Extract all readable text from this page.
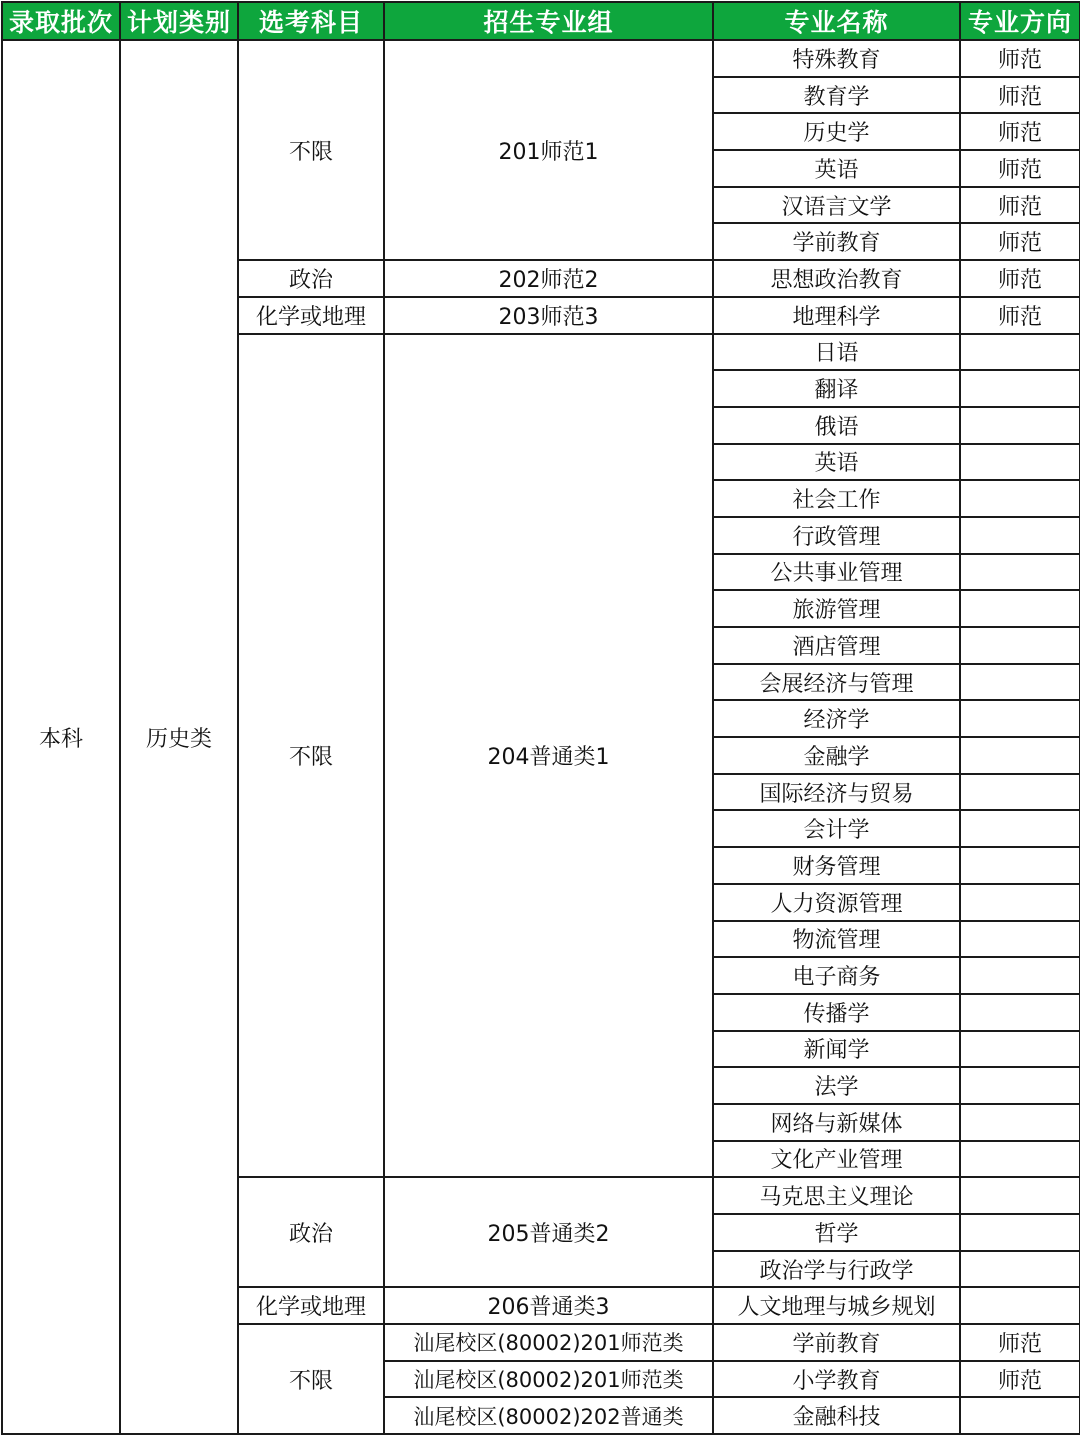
录取批次	计划类别	选考科目	招生专业组	专业名称	专业方向
本科	历史类	不限	201师范1	特殊教育	师范
				教育学	师范
				历史学	师范
				英语	师范
				汉语言文学	师范
				学前教育	师范
		政治	202师范2	思想政治教育	师范
		化学或地理	203师范3	地理科学	师范
		不限	204普通类1	日语	
				翻译	
				俄语	
				英语	
				社会工作	
				行政管理	
				公共事业管理	
				旅游管理	
				酒店管理	
				会展经济与管理	
				经济学	
				金融学	
				国际经济与贸易	
				会计学	
				财务管理	
				人力资源管理	
				物流管理	
				电子商务	
				传播学	
				新闻学	
				法学	
				网络与新媒体	
				文化产业管理	
		政治	205普通类2	马克思主义理论	
				哲学	
				政治学与行政学	
		化学或地理	206普通类3	人文地理与城乡规划	
		不限	汕尾校区(80002)201师范类	学前教育	师范
			汕尾校区(80002)201师范类	小学教育	师范
			汕尾校区(80002)202普通类	金融科技	
